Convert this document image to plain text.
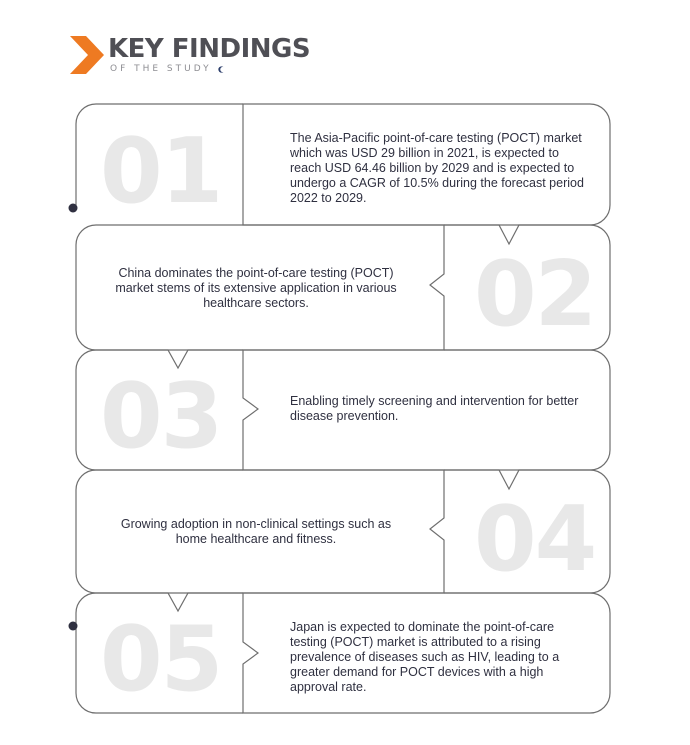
KEY FINDINGS
OF THE STUDY
01	The Asia-Pacific point-of-care testing (POCT) market which was USD 29 billion in 2021, is expected to reach USD 64.46 billion by 2029 and is expected to undergo a CAGR of 10.5% during the forecast period 2022 to 2029.
02
China dominates the point-of-care testing (POCT) market stems of its extensive application in various healthcare sectors.
03	Enabling timely screening and intervention for better disease prevention.
04
Growing adoption in non-clinical settings such as home healthcare and fitness.
05	Japan is expected to dominate the point-of-care testing (POCT) market is attributed to a rising prevalence of diseases such as HIV, leading to a greater demand for POCT devices with a high approval rate.
